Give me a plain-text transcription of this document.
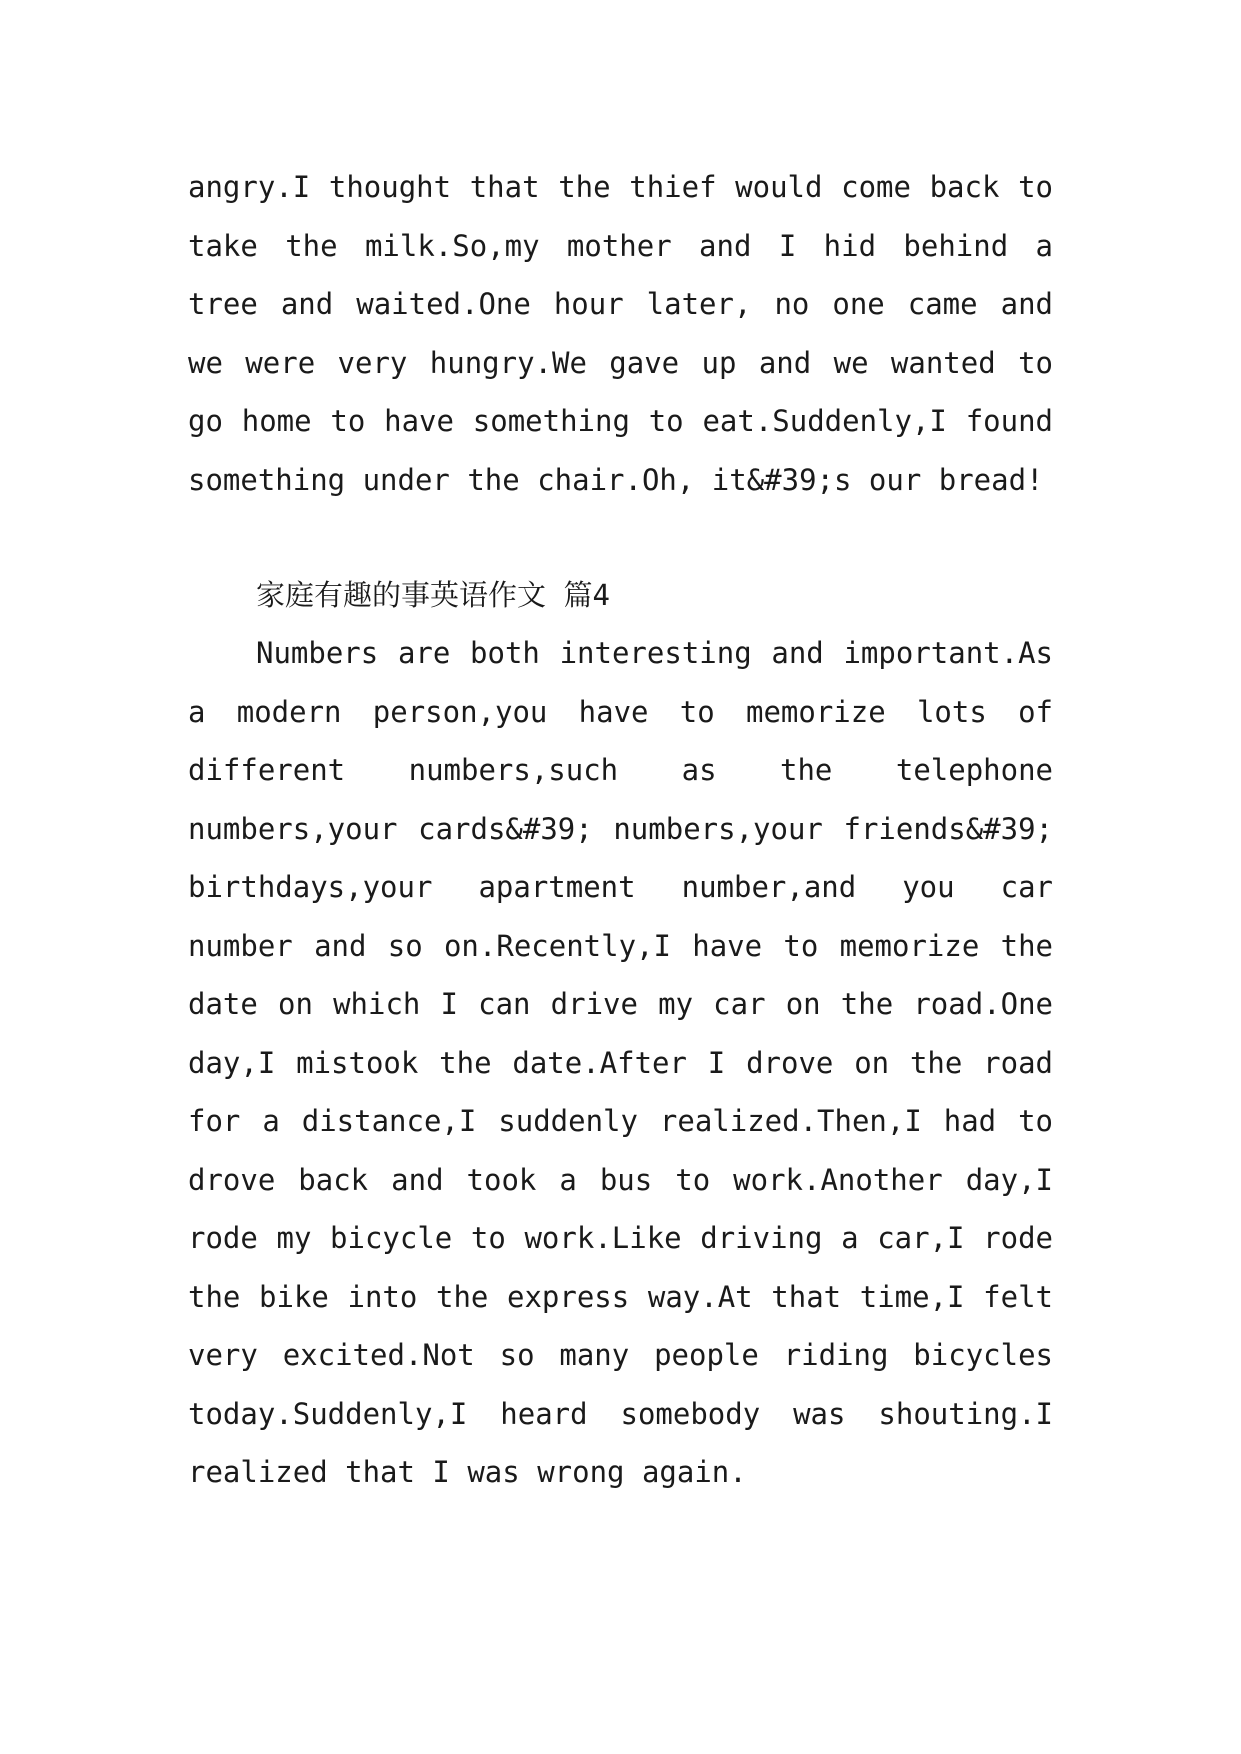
angry.I thought that the thief would come back to take the milk.So,my mother and I hid behind a tree and waited.One hour later, no one came and we were very hungry.We gave up and we wanted to go home to have something to eat.Suddenly,I found something under the chair.Oh, it&#39;s our bread!

家庭有趣的事英语作文 篇4

Numbers are both interesting and important.As a modern person,you have to memorize lots of different numbers,such as the telephone numbers,your cards&#39; numbers,your friends&#39; birthdays,your apartment number,and you car number and so on.Recently,I have to memorize the date on which I can drive my car on the road.One day,I mistook the date.After I drove on the road for a distance,I suddenly realized.Then,I had to drove back and took a bus to work.Another day,I rode my bicycle to work.Like driving a car,I rode the bike into the express way.At that time,I felt very excited.Not so many people riding bicycles today.Suddenly,I heard somebody was shouting.I realized that I was wrong again.
